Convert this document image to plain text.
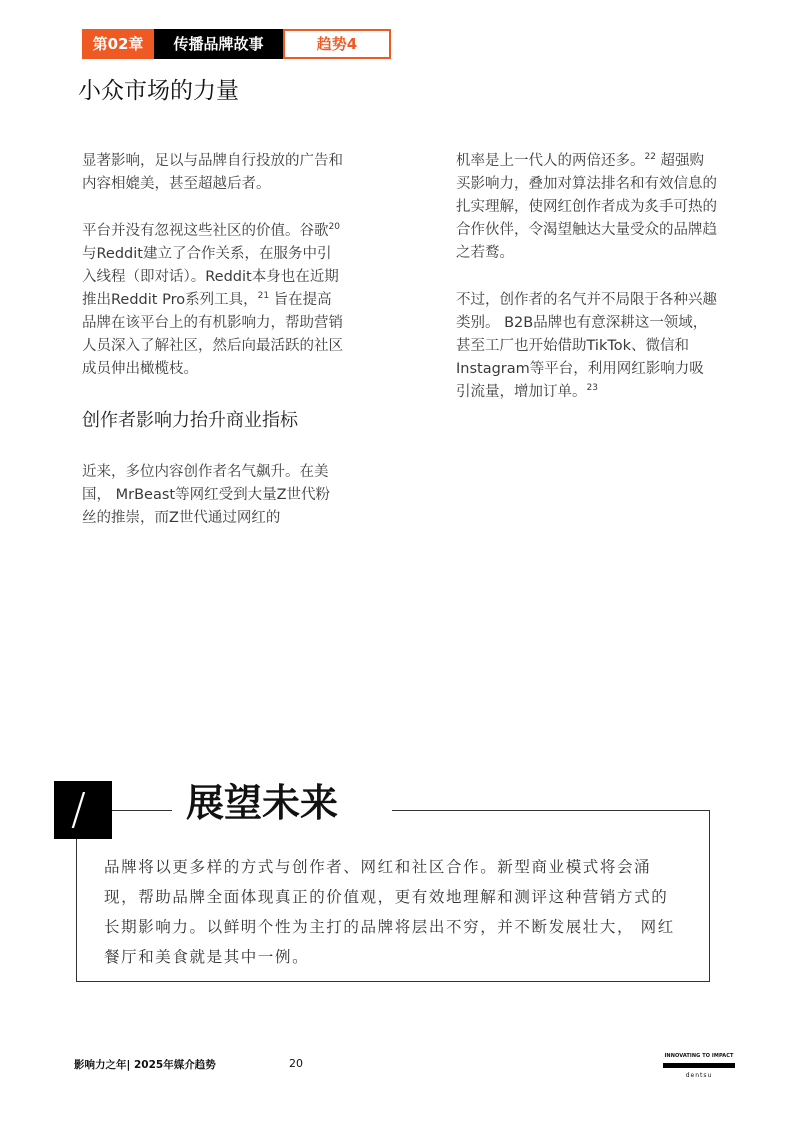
第02章	传播品牌故事	趋势4
小众市场的力量

显著影响，足以与品牌自行投放的广告和内容相媲美，甚至超越后者。

平台并没有忽视这些社区的价值。谷歌$^{20}$ 与Reddit建立了合作关系，在服务中引入线程（即对话）。Reddit本身也在近期推出Reddit Pro系列工具，$^{21}$ 旨在提高品牌在该平台上的有机影响力，帮助营销人员深入了解社区，然后向最活跃的社区成员伸出橄榄枝。

创作者影响力抬升商业指标

近来，多位内容创作者名气飙升。在美国， MrBeast等网红受到大量Z世代粉丝的推崇，而Z世代通过网红的

机率是上一代人的两倍还多。$^{22}$ 超强购买影响力，叠加对算法排名和有效信息的扎实理解，使网红创作者成为炙手可热的合作伙伴，令渴望触达大量受众的品牌趋之若鹜。

不过，创作者的名气并不局限于各种兴趣类别。 B2B品牌也有意深耕这一领域，甚至工厂也开始借助TikTok、微信和Instagram等平台，利用网红影响力吸引流量，增加订单。$^{23}$

/	展望未来

品牌将以更多样的方式与创作者、网红和社区合作。新型商业模式将会涌现，帮助品牌全面体现真正的价值观，更有效地理解和测评这种营销方式的长期影响力。以鲜明个性为主打的品牌将层出不穷，并不断发展壮大， 网红餐厅和美食就是其中一例。

影响力之年| 2025年媒介趋势	20
INNOVATING TO IMPACT
dentsu
